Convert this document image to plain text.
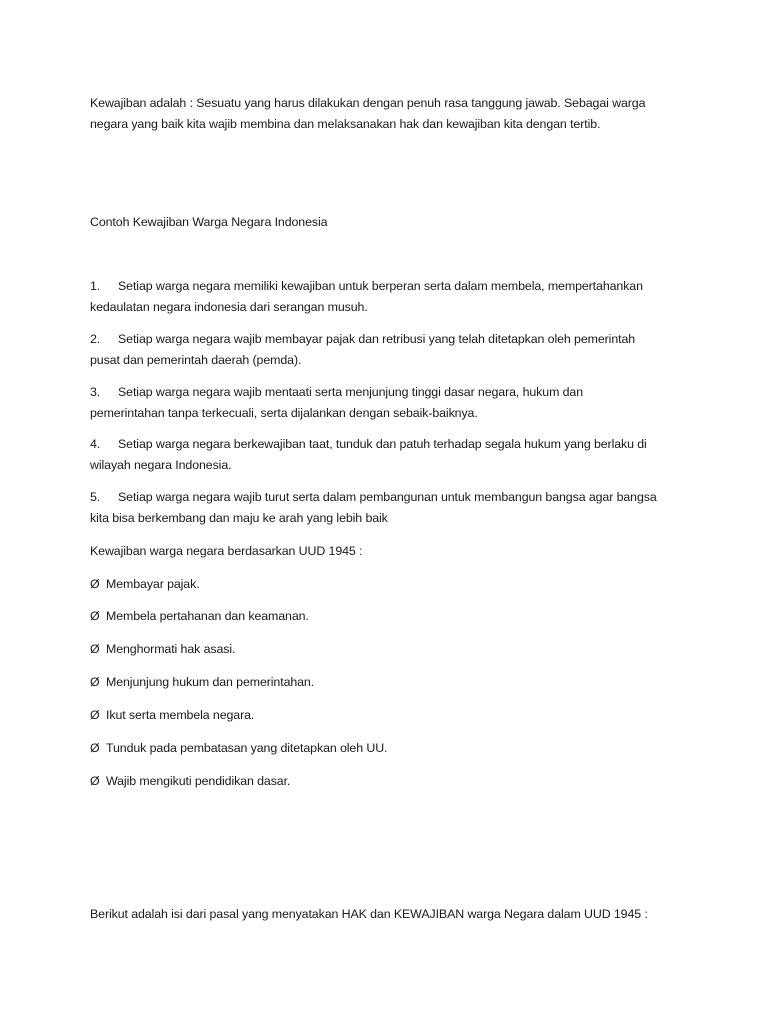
Kewajiban adalah : Sesuatu yang harus dilakukan dengan penuh rasa tanggung jawab. Sebagai warga
negara yang baik kita wajib membina dan melaksanakan hak dan kewajiban kita dengan tertib.
Contoh Kewajiban Warga Negara Indonesia
1. Setiap warga negara memiliki kewajiban untuk berperan serta dalam membela, mempertahankan
kedaulatan negara indonesia dari serangan musuh.
2. Setiap warga negara wajib membayar pajak dan retribusi yang telah ditetapkan oleh pemerintah
pusat dan pemerintah daerah (pemda).
3. Setiap warga negara wajib mentaati serta menjunjung tinggi dasar negara, hukum dan
pemerintahan tanpa terkecuali, serta dijalankan dengan sebaik-baiknya.
4. Setiap warga negara berkewajiban taat, tunduk dan patuh terhadap segala hukum yang berlaku di
wilayah negara Indonesia.
5. Setiap warga negara wajib turut serta dalam pembangunan untuk membangun bangsa agar bangsa
kita bisa berkembang dan maju ke arah yang lebih baik
Kewajiban warga negara berdasarkan UUD 1945 :
Ø Membayar pajak.
Ø Membela pertahanan dan keamanan.
Ø Menghormati hak asasi.
Ø Menjunjung hukum dan pemerintahan.
Ø Ikut serta membela negara.
Ø Tunduk pada pembatasan yang ditetapkan oleh UU.
Ø Wajib mengikuti pendidikan dasar.
Berikut adalah isi dari pasal yang menyatakan HAK dan KEWAJIBAN warga Negara dalam UUD 1945 :
